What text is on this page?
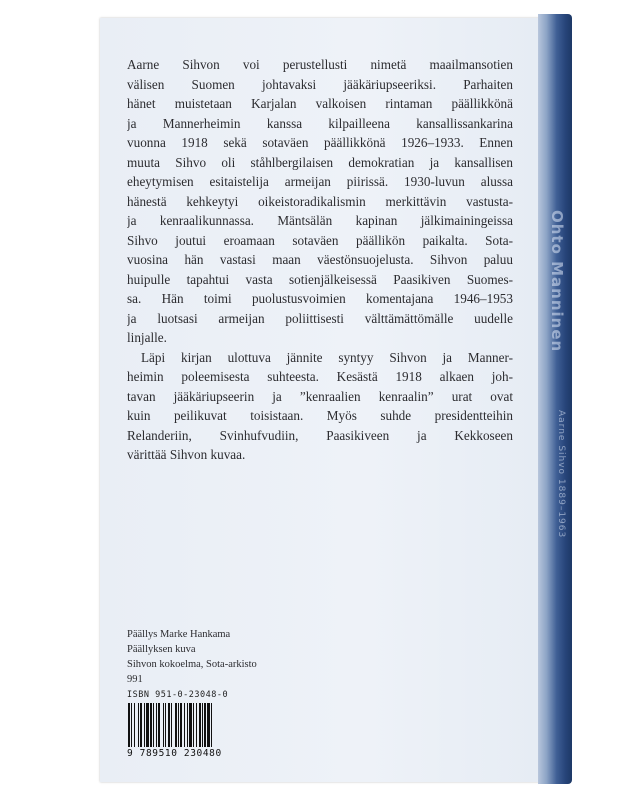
Ohto Manninen
Aarne Sihvo 1889–1963

Aarne Sihvon voi perustellusti nimetä maailmansotien
välisen Suomen johtavaksi jääkäriupseeriksi. Parhaiten
hänet muistetaan Karjalan valkoisen rintaman päällikkönä
ja Mannerheimin kanssa kilpailleena kansallissankarina
vuonna 1918 sekä sotaväen päällikkönä 1926–1933. Ennen
muuta Sihvo oli ståhlbergilaisen demokratian ja kansallisen
eheytymisen esitaistelija armeijan piirissä. 1930-luvun alussa
hänestä kehkeytyi oikeistoradikalismin merkittävin vastusta-
ja kenraalikunnassa. Mäntsälän kapinan jälkimainingeissa
Sihvo joutui eroamaan sotaväen päällikön paikalta. Sota-
vuosina hän vastasi maan väestönsuojelusta. Sihvon paluu
huipulle tapahtui vasta sotienjälkeisessä Paasikiven Suomes-
sa. Hän toimi puolustusvoimien komentajana 1946–1953
ja luotsasi armeijan poliittisesti välttämättömälle uudelle
linjalle.

Läpi kirjan ulottuva jännite syntyy Sihvon ja Manner-
heimin poleemisesta suhteesta. Kesästä 1918 alkaen joh-
tavan jääkäriupseerin ja ”kenraalien kenraalin” urat ovat
kuin peilikuvat toisistaan. Myös suhde presidentteihin
Relanderiin, Svinhufvudiin, Paasikiveen ja Kekkoseen
värittää Sihvon kuvaa.

Päällys Marke Hankama
Päällyksen kuva
Sihvon kokoelma, Sota-arkisto
991
ISBN 951-0-23048-0
9 789510 230480
